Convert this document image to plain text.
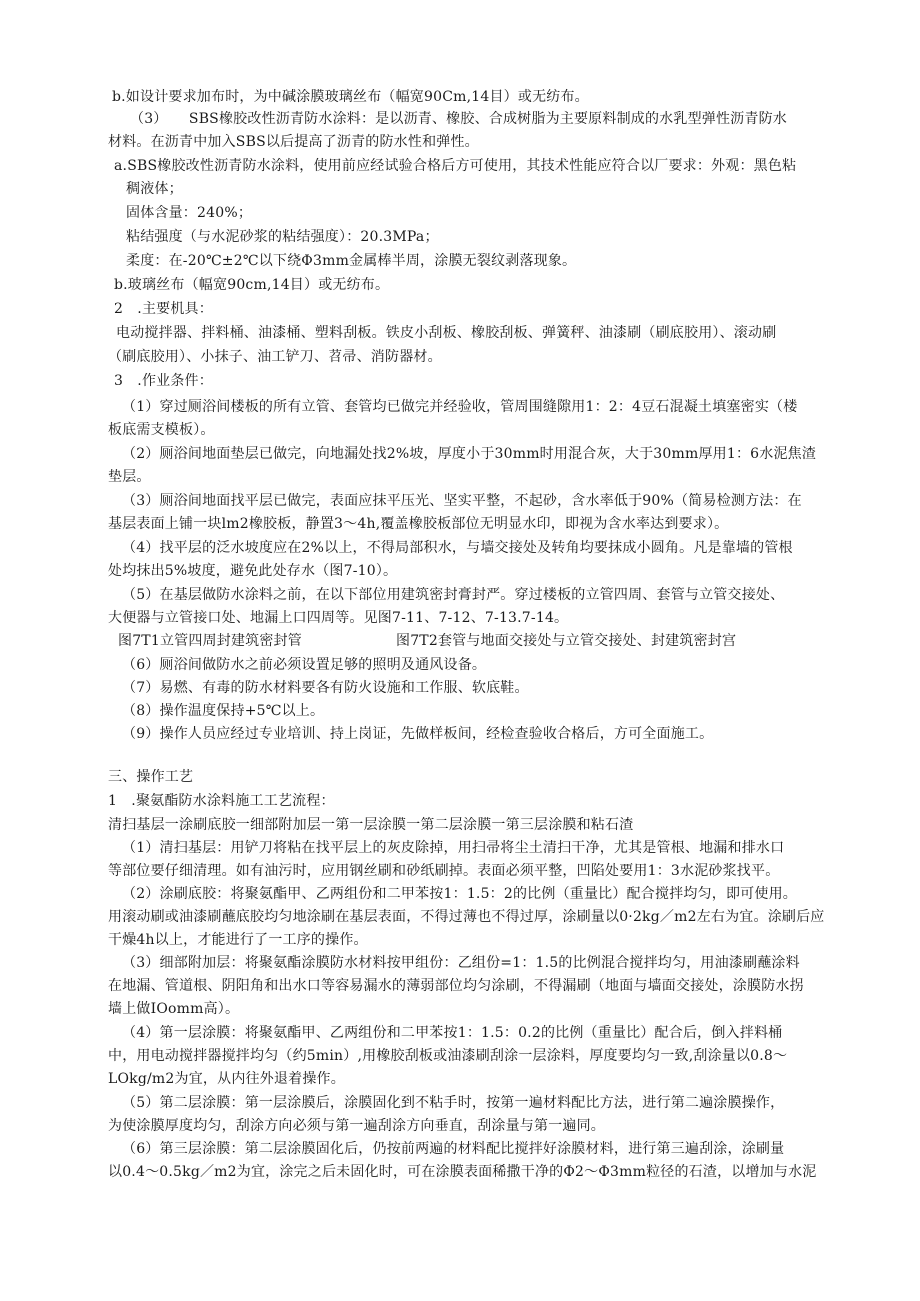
b.如设计要求加布时，为中碱涂膜玻璃丝布（幅宽90Cm,14目）或无纺布。
（3）　　SBS橡胶改性沥青防水涂料：是以沥青、橡胶、合成树脂为主要原料制成的水乳型弹性沥青防水
材料。在沥青中加入SBS以后提高了沥青的防水性和弹性。
a.SBS橡胶改性沥青防水涂料，使用前应经试验合格后方可使用，其技术性能应符合以厂要求：外观：黑色粘
稠液体；
固体含量：240%；
粘结强度（与水泥砂浆的粘结强度）：20.3MPa；
柔度：在-20℃±2℃以下绕Φ3mm金属棒半周，涂膜无裂纹剥落现象。
b.玻璃丝布（幅宽90cm,14目）或无纺布。
2　.主要机具：
电动搅拌器、拌料桶、油漆桶、塑料刮板。铁皮小刮板、橡胶刮板、弹簧秤、油漆刷（刷底胶用）、滚动刷
（刷底胶用）、小抹子、油工铲刀、苕帚、消防器材。
3　.作业条件：
（1）穿过厕浴间楼板的所有立管、套管均已做完并经验收，管周围缝隙用1：2：4豆石混凝土填塞密实（楼
板底需支模板）。
（2）厕浴间地面垫层已做完，向地漏处找2%坡，厚度小于30mm时用混合灰，大于30mm厚用1：6水泥焦渣
垫层。
（3）厕浴间地面找平层已做完，表面应抹平压光、坚实平整，不起砂，含水率低于90%（简易检测方法：在
基层表面上铺一块lm2橡胶板，静置3～4h,覆盖橡胶板部位无明显水印，即视为含水率达到要求）。
（4）找平层的泛水坡度应在2%以上，不得局部积水，与墙交接处及转角均要抹成小圆角。凡是靠墙的管根
处均抹出5%坡度，避免此处存水（图7-10）。
（5）在基层做防水涂料之前，在以下部位用建筑密封膏封严。穿过楼板的立管四周、套管与立管交接处、
大便器与立管接口处、地漏上口四周等。见图7-11、7-12、7-13.7-14。
图7T1立管四周封建筑密封管	图7T2套管与地面交接处与立管交接处、封建筑密封宫
（6）厕浴间做防水之前必须设置足够的照明及通风设备。
（7）易燃、有毒的防水材料要各有防火设施和工作服、软底鞋。
（8）操作温度保持+5℃以上。
（9）操作人员应经过专业培训、持上岗证，先做样板间，经检查验收合格后，方可全面施工。
三、操作工艺
1　.聚氨酯防水涂料施工工艺流程：
清扫基层一涂刷底胶一细部附加层一第一层涂膜一第二层涂膜一第三层涂膜和粘石渣
（1）清扫基层：用铲刀将粘在找平层上的灰皮除掉，用扫帚将尘土清扫干净，尤其是管根、地漏和排水口
等部位要仔细清理。如有油污时，应用钢丝刷和砂纸刷掉。表面必须平整，凹陷处要用1：3水泥砂浆找平。
（2）涂刷底胶：将聚氨酯甲、乙两组份和二甲苯按1：1.5：2的比例（重量比）配合搅拌均匀，即可使用。
用滚动刷或油漆刷蘸底胶均匀地涂刷在基层表面，不得过薄也不得过厚，涂刷量以0·2kg／m2左右为宜。涂刷后应
干燥4h以上，才能进行了一工序的操作。
（3）细部附加层：将聚氨酯涂膜防水材料按甲组份：乙组份=1：1.5的比例混合搅拌均匀，用油漆刷蘸涂料
在地漏、管道根、阴阳角和出水口等容易漏水的薄弱部位均匀涂刷，不得漏刷（地面与墙面交接处，涂膜防水拐
墙上做IOomm高）。
（4）第一层涂膜：将聚氨酯甲、乙两组份和二甲苯按1：1.5：0.2的比例（重量比）配合后，倒入拌料桶
中，用电动搅拌器搅拌均匀（约5min）,用橡胶刮板或油漆刷刮涂一层涂料，厚度要均匀一致,刮涂量以0.8～
LOkg/m2为宜，从内往外退着操作。
（5）第二层涂膜：第一层涂膜后，涂膜固化到不粘手时，按第一遍材料配比方法，进行第二遍涂膜操作，
为使涂膜厚度均匀，刮涂方向必须与第一遍刮涂方向垂直，刮涂量与第一遍同。
（6）第三层涂膜：第二层涂膜固化后，仍按前两遍的材料配比搅拌好涂膜材料，进行第三遍刮涂，涂刷量
以0.4～0.5kg／m2为宜，涂完之后未固化时，可在涂膜表面稀撒干净的Φ2～Φ3mm粒径的石渣，以增加与水泥
